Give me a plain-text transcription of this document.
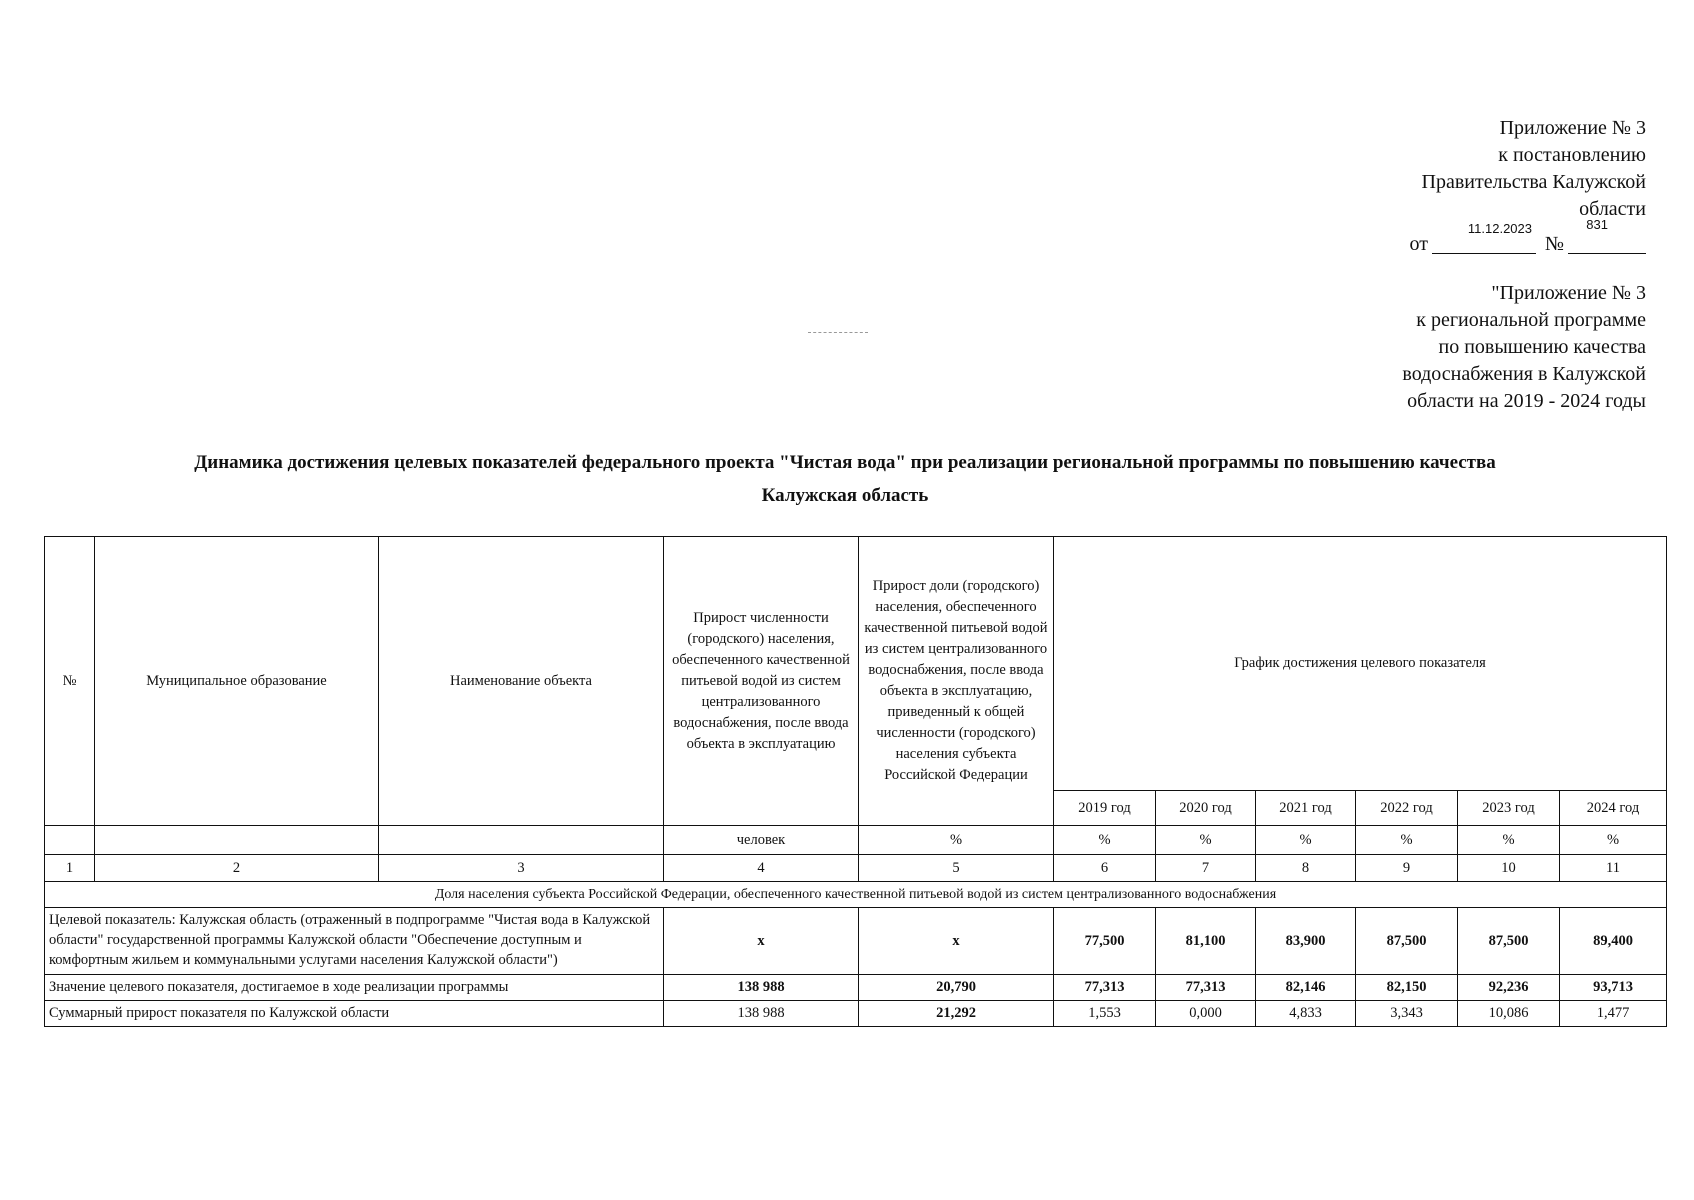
Приложение № 3
к постановлению
Правительства Калужской
области
от
11.12.2023
№
831
"Приложение № 3
к региональной программе
по повышению качества
водоснабжения в Калужской
области на 2019 - 2024 годы
Динамика достижения целевых показателей федерального проекта "Чистая вода" при реализации региональной программы по повышению качества
Калужская область
№	Муниципальное образование	Наименование объекта	Прирост численности (городского) населения, обеспеченного качественной питьевой водой из систем централизованного водоснабжения, после ввода объекта в эксплуатацию	Прирост доли (городского) населения, обеспеченного качественной питьевой водой из систем централизованного водоснабжения, после ввода объекта в эксплуатацию, приведенный к общей численности (городского) населения субъекта Российской Федерации	График достижения целевого показателя					
					2019 год	2020 год	2021 год	2022 год	2023 год	2024 год
			человек	%	%	%	%	%	%	%
1	2	3	4	5	6	7	8	9	10	11
Доля населения субъекта Российской Федерации, обеспеченного качественной питьевой водой из систем централизованного водоснабжения										

Целевой показатель: Калужская область (отраженный в подпрограмме "Чистая вода в Калужской области" государственной программы Калужской области "Обеспечение доступным и комфортным жильем и коммунальными услугами населения Калужской области")			x	x	77,500	81,100	83,900	87,500	87,500	89,400
Значение целевого показателя, достигаемое в ходе реализации программы			138 988	20,790	77,313	77,313	82,146	82,150	92,236	93,713
Суммарный прирост показателя по Калужской области			138 988	21,292	1,553	0,000	4,833	3,343	10,086	1,477
